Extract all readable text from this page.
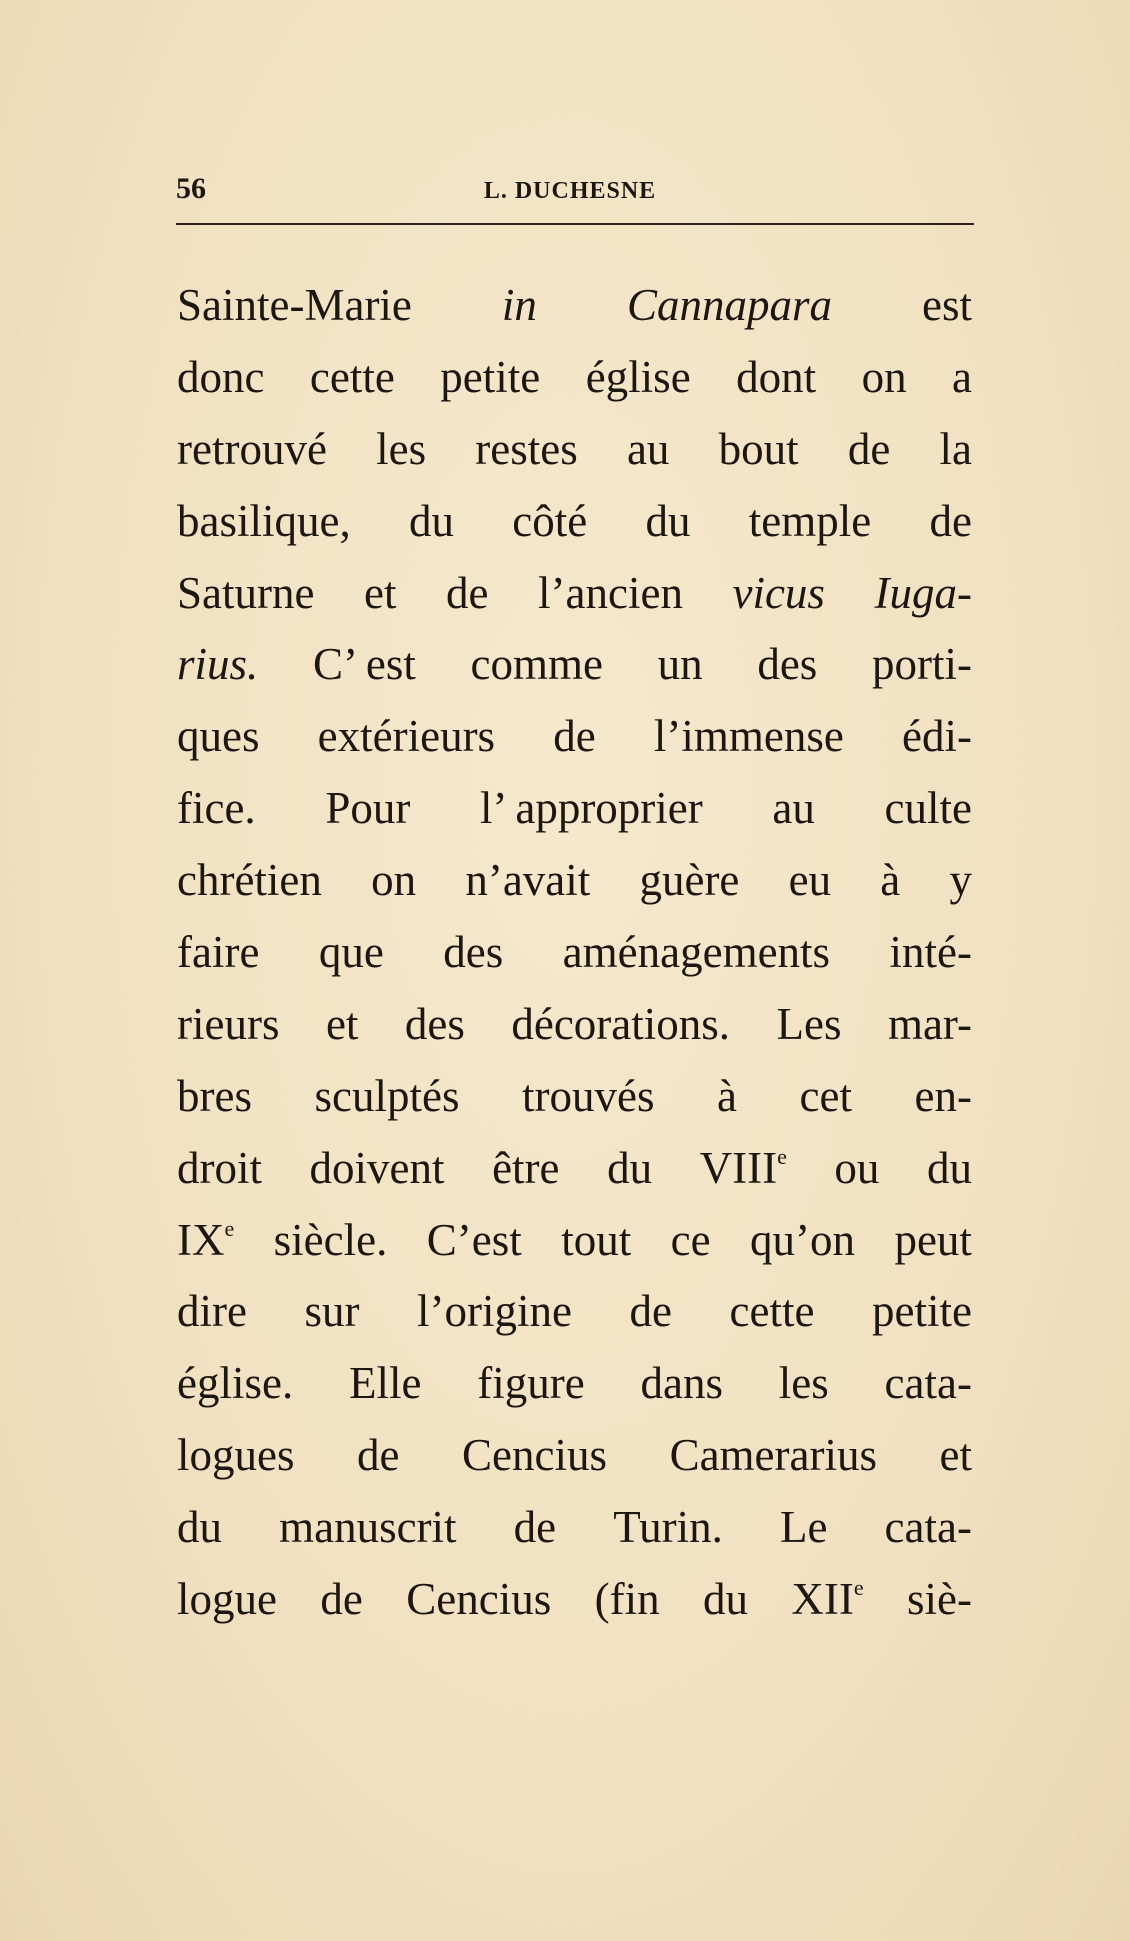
56	L. DUCHESNE
Sainte-Marie in Cannapara est
donc cette petite église dont on a
retrouvé les restes au bout de la
basilique, du côté du temple de
Saturne et de l’ancien vicus Iuga-
rius. C’ est comme un des porti-
ques extérieurs de l’immense édi-
fice. Pour l’ approprier au culte
chrétien on n’avait guère eu à y
faire que des aménagements inté-
rieurs et des décorations. Les mar-
bres sculptés trouvés à cet en-
droit doivent être du VIIIe ou du
IXe siècle. C’est tout ce qu’on peut
dire sur l’origine de cette petite
église. Elle figure dans les cata-
logues de Cencius Camerarius et
du manuscrit de Turin. Le cata-
logue de Cencius (fin du XIIe siè-
